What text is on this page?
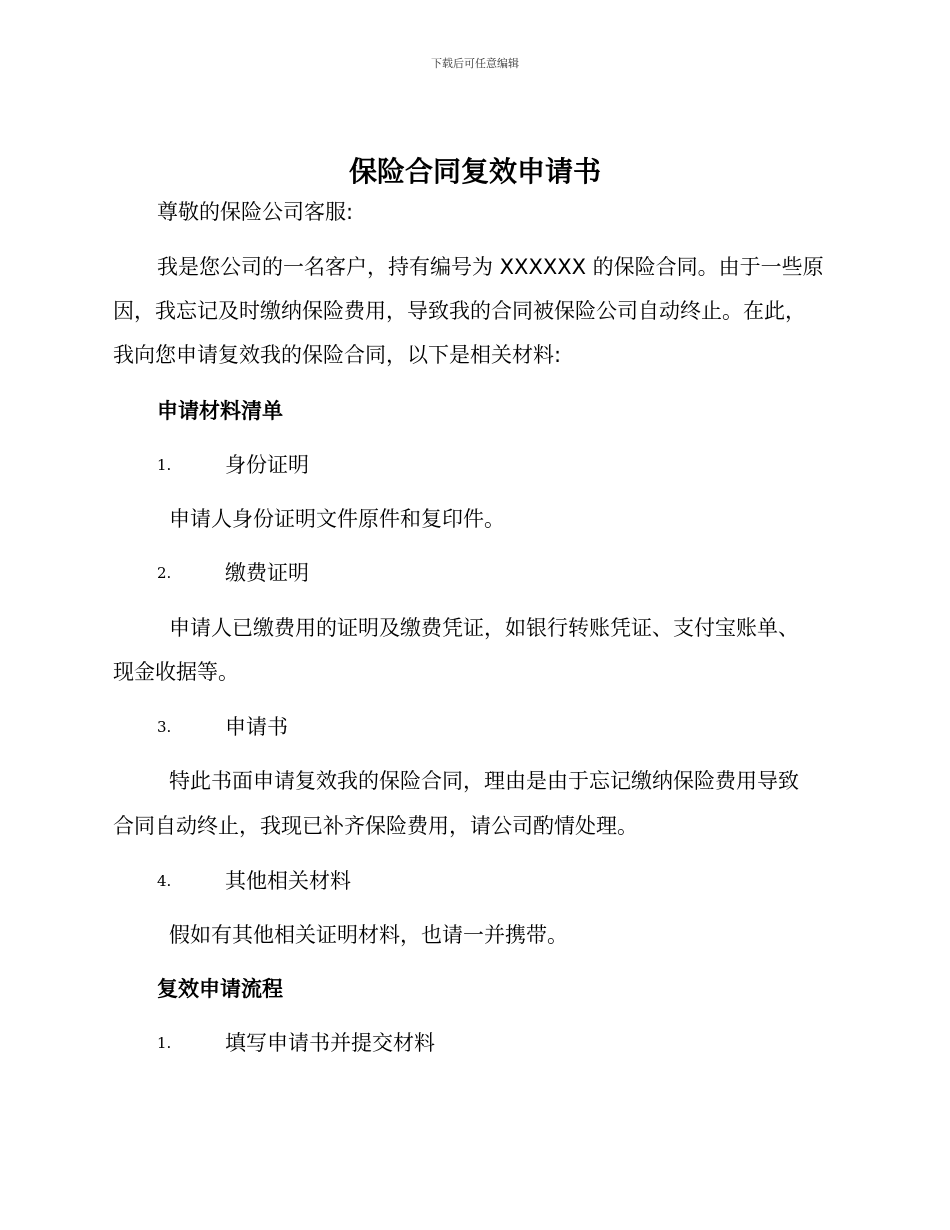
下载后可任意编辑
保险合同复效申请书
尊敬的保险公司客服:
我是您公司的一名客户，持有编号为 XXXXXX 的保险合同。由于一些原
因，我忘记及时缴纳保险费用，导致我的合同被保险公司自动终止。在此，
我向您申请复效我的保险合同，以下是相关材料:
申请材料清单
1.	身份证明
申请人身份证明文件原件和复印件。
2.	缴费证明
申请人已缴费用的证明及缴费凭证，如银行转账凭证、支付宝账单、
现金收据等。
3.	申请书
特此书面申请复效我的保险合同，理由是由于忘记缴纳保险费用导致
合同自动终止，我现已补齐保险费用，请公司酌情处理。
4.	其他相关材料
假如有其他相关证明材料，也请一并携带。
复效申请流程
1.	填写申请书并提交材料
